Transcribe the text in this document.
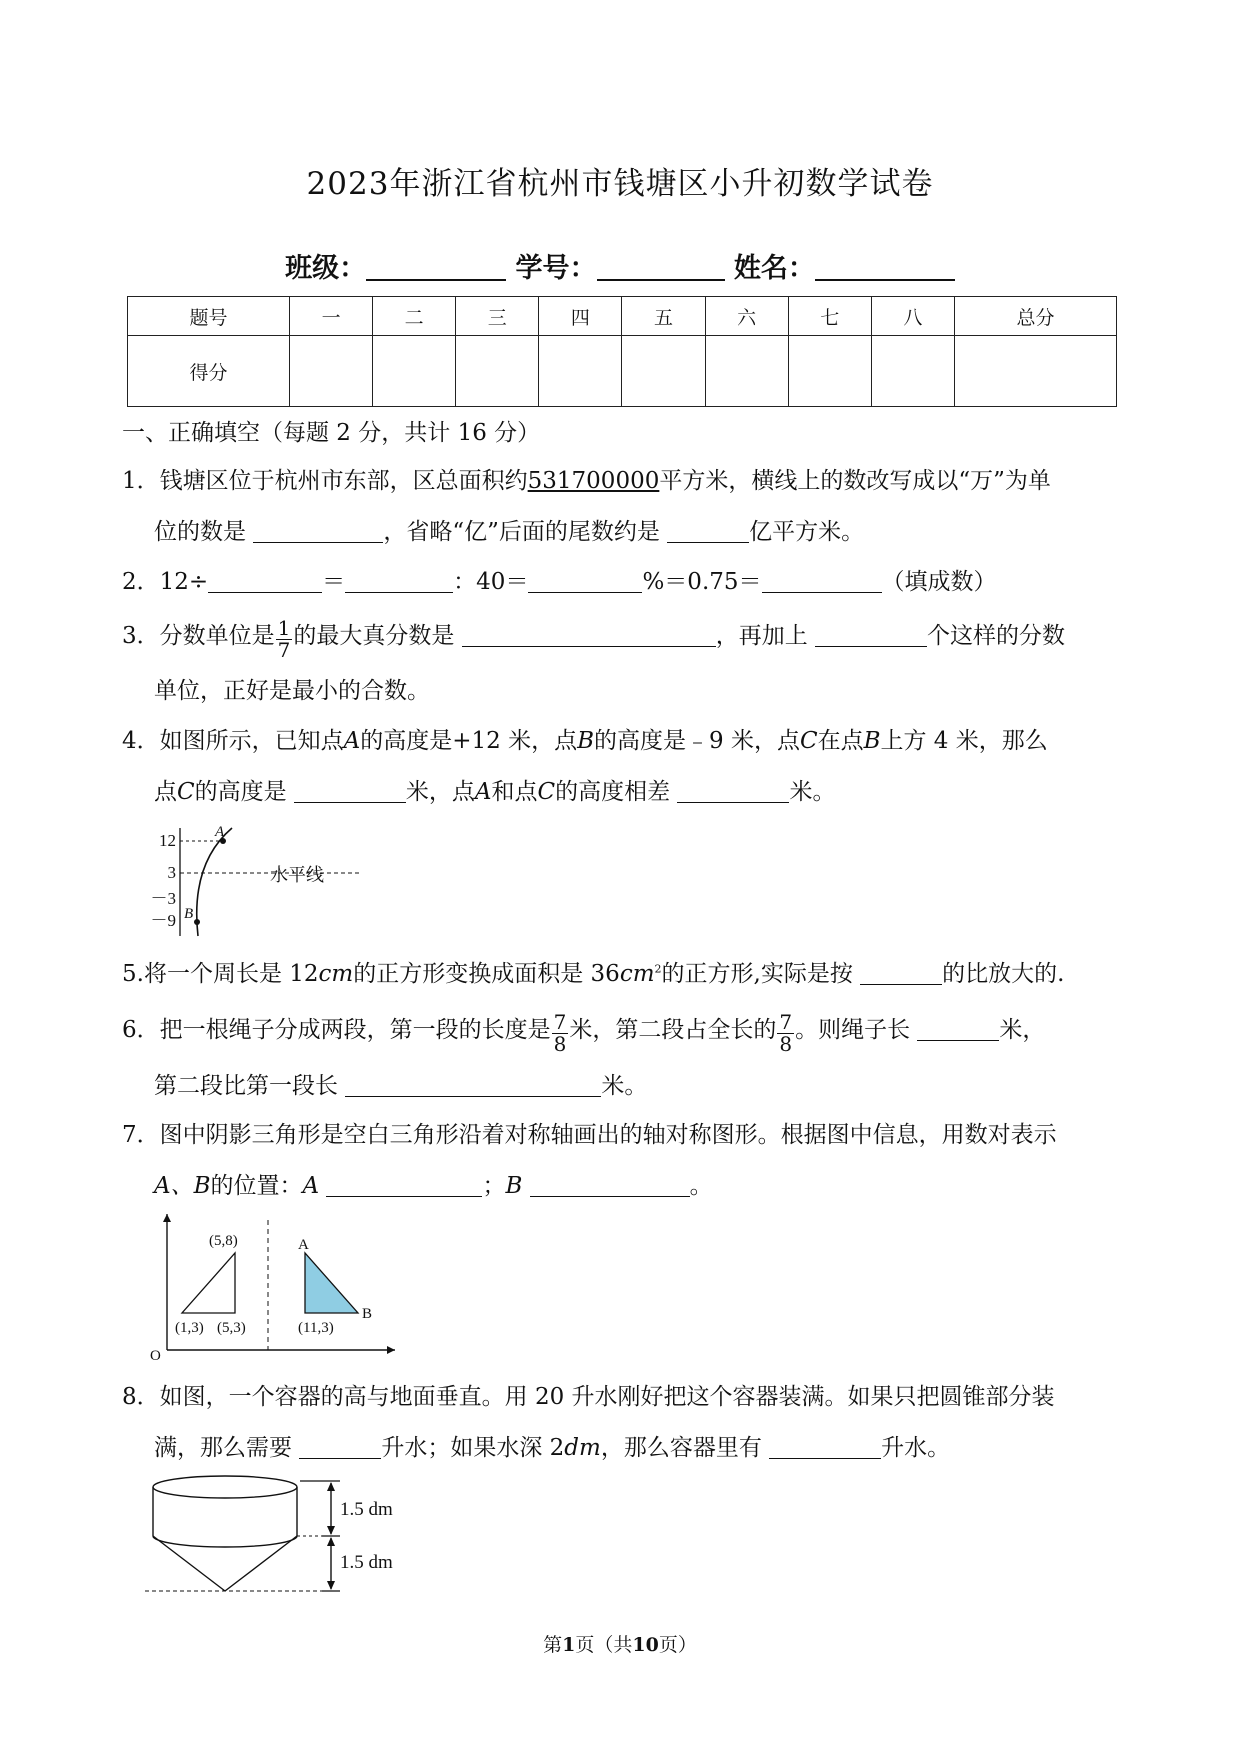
2023年浙江省杭州市钱塘区小升初数学试卷
班级：	学号：	姓名：
题号	一	二	三	四	五	六	七	八	总分
得分									
一、正确填空（每题 2 分，共计 16 分）
1．钱塘区位于杭州市东部，区总面积约531700000平方米，横线上的数改写成以“万”为单
位的数是	，省略“亿”后面的尾数约是	亿平方米。
2．12÷	＝	：40＝	%＝0.75＝	（填成数）
3．分数单位是 $\frac{1}{7}$ 的最大真分数是	，再加上	个这样的分数
单位，正好是最小的合数。
4．如图所示，已知点A的高度是+12 米，点B的高度是﹣9 米，点C在点B上方 4 米，那么
点C的高度是	米，点A和点C的高度相差	米。
12
3
－3
－9
A
B
水平线
5.将一个周长是 12cm的正方形变换成面积是 $36cm^2$的正方形,实际是按	的比放大的.
6．把一根绳子分成两段，第一段的长度是 $\frac{7}{8}$ 米，第二段占全长的 $\frac{7}{8}$ 。则绳子长	米，
第二段比第一段长	米。
7．图中阴影三角形是空白三角形沿着对称轴画出的轴对称图形。根据图中信息，用数对表示
A、B的位置：A	；B	。
(5,8)
(1,3) (5,3)	(11,3)
A
B
O
8．如图，一个容器的高与地面垂直。用 20 升水刚好把这个容器装满。如果只把圆锥部分装
满，那么需要	升水；如果水深 2dm，那么容器里有	升水。
1.5 dm
1.5 dm
第1页（共10页）
